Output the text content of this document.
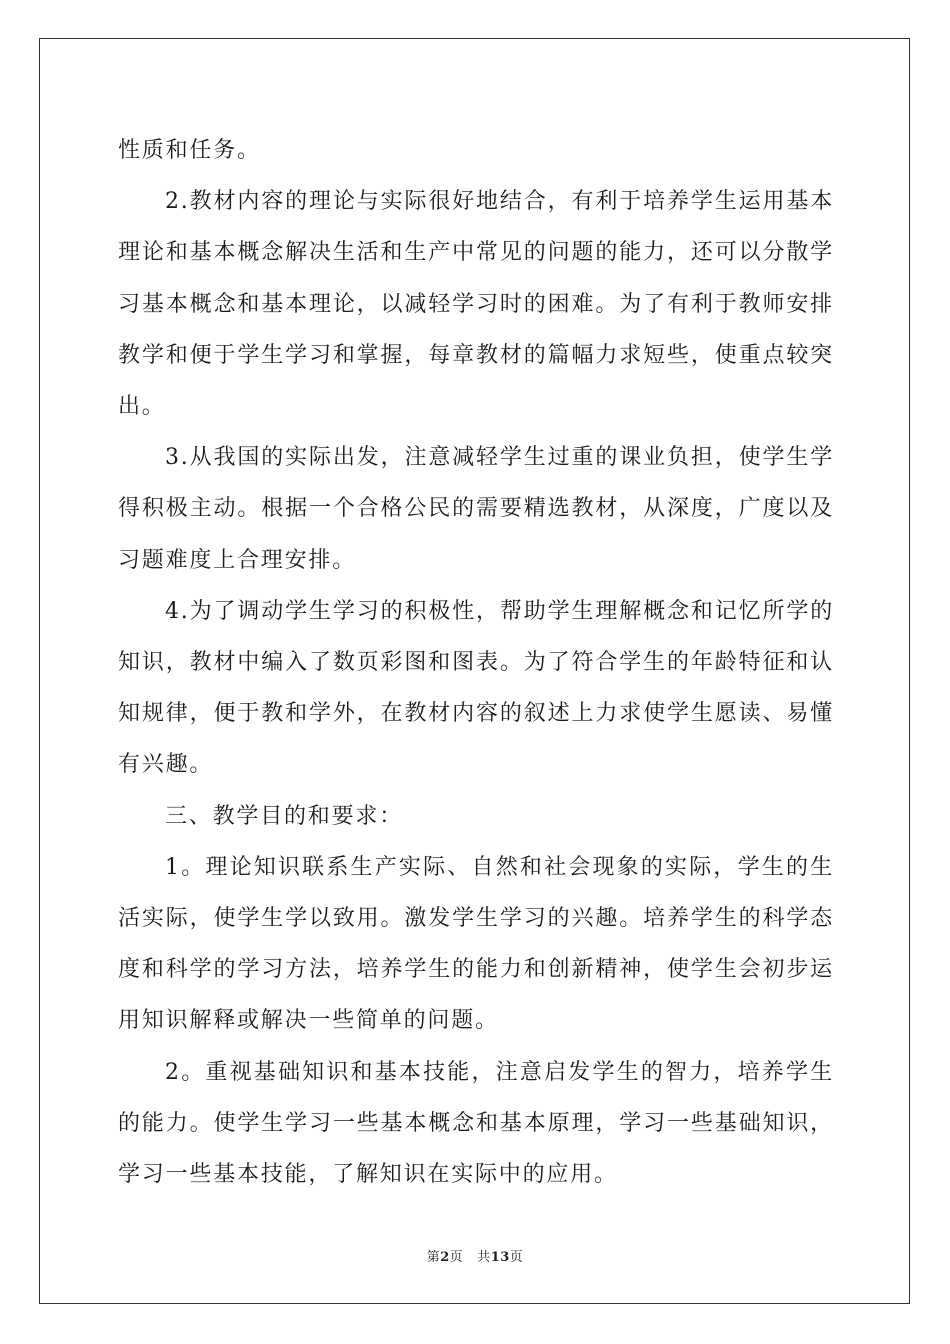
性质和任务。

2.教材内容的理论与实际很好地结合，有利于培养学生运用基本理论和基本概念解决生活和生产中常见的问题的能力，还可以分散学习基本概念和基本理论，以减轻学习时的困难。为了有利于教师安排教学和便于学生学习和掌握，每章教材的篇幅力求短些，使重点较突出。

3.从我国的实际出发，注意减轻学生过重的课业负担，使学生学得积极主动。根据一个合格公民的需要精选教材，从深度，广度以及习题难度上合理安排。

4.为了调动学生学习的积极性，帮助学生理解概念和记忆所学的知识，教材中编入了数页彩图和图表。为了符合学生的年龄特征和认知规律，便于教和学外，在教材内容的叙述上力求使学生愿读、易懂有兴趣。

三、教学目的和要求：

1。理论知识联系生产实际、自然和社会现象的实际，学生的生活实际，使学生学以致用。激发学生学习的兴趣。培养学生的科学态度和科学的学习方法，培养学生的能力和创新精神，使学生会初步运用知识解释或解决一些简单的问题。

2。重视基础知识和基本技能，注意启发学生的智力，培养学生的能力。使学生学习一些基本概念和基本原理，学习一些基础知识，学习一些基本技能，了解知识在实际中的应用。

第2页 共13页
